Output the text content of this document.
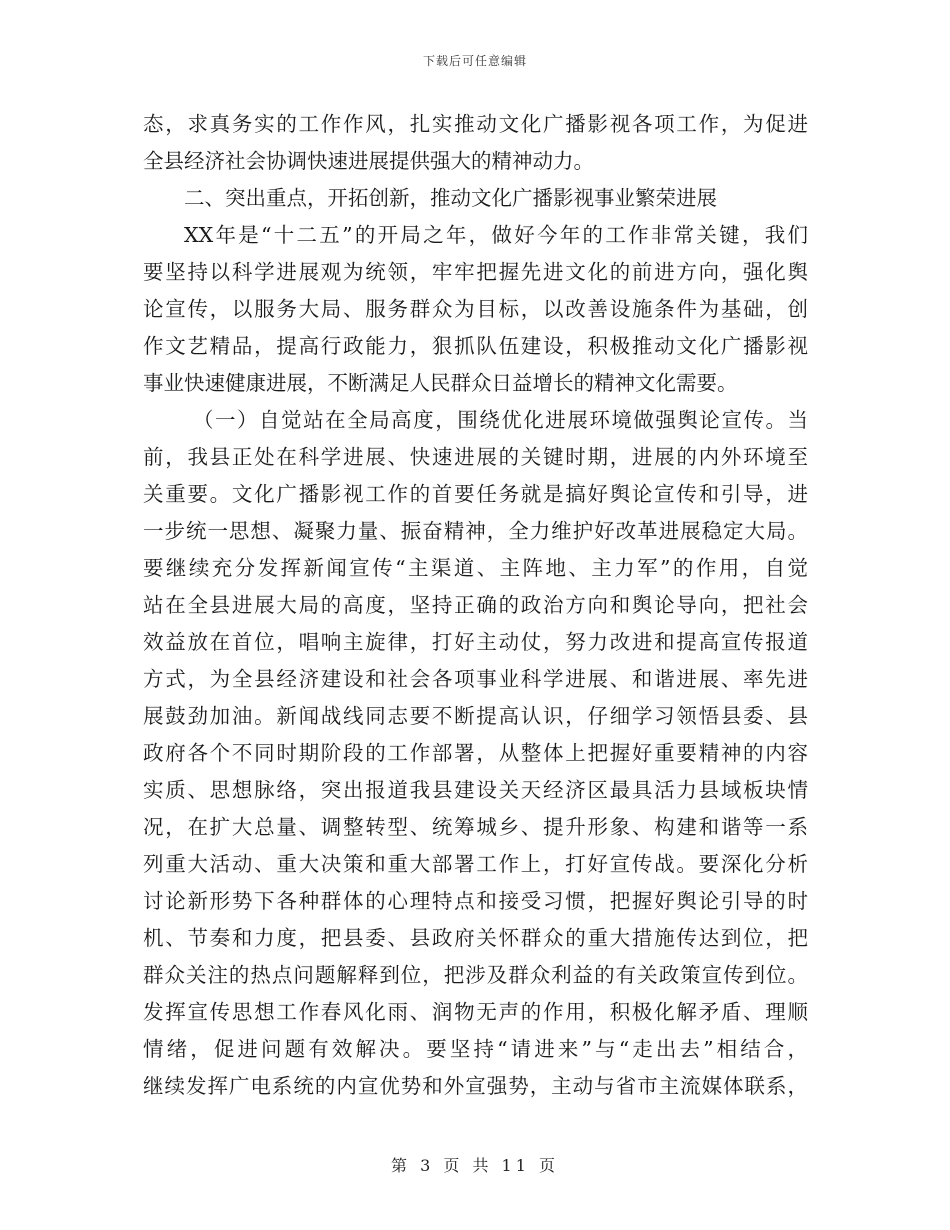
下载后可任意编辑
态，求真务实的工作作风，扎实推动文化广播影视各项工作，为促进
全县经济社会协调快速进展提供强大的精神动力。
二、突出重点，开拓创新，推动文化广播影视事业繁荣进展
XX年是“十二五”的开局之年，做好今年的工作非常关键，我们
要坚持以科学进展观为统领，牢牢把握先进文化的前进方向，强化舆
论宣传，以服务大局、服务群众为目标，以改善设施条件为基础，创
作文艺精品，提高行政能力，狠抓队伍建设，积极推动文化广播影视
事业快速健康进展，不断满足人民群众日益增长的精神文化需要。
（一）自觉站在全局高度，围绕优化进展环境做强舆论宣传。当
前，我县正处在科学进展、快速进展的关键时期，进展的内外环境至
关重要。文化广播影视工作的首要任务就是搞好舆论宣传和引导，进
一步统一思想、凝聚力量、振奋精神，全力维护好改革进展稳定大局。
要继续充分发挥新闻宣传“主渠道、主阵地、主力军”的作用，自觉
站在全县进展大局的高度，坚持正确的政治方向和舆论导向，把社会
效益放在首位，唱响主旋律，打好主动仗，努力改进和提高宣传报道
方式，为全县经济建设和社会各项事业科学进展、和谐进展、率先进
展鼓劲加油。新闻战线同志要不断提高认识，仔细学习领悟县委、县
政府各个不同时期阶段的工作部署，从整体上把握好重要精神的内容
实质、思想脉络，突出报道我县建设关天经济区最具活力县域板块情
况，在扩大总量、调整转型、统筹城乡、提升形象、构建和谐等一系
列重大活动、重大决策和重大部署工作上，打好宣传战。要深化分析
讨论新形势下各种群体的心理特点和接受习惯，把握好舆论引导的时
机、节奏和力度，把县委、县政府关怀群众的重大措施传达到位，把
群众关注的热点问题解释到位，把涉及群众利益的有关政策宣传到位。
发挥宣传思想工作春风化雨、润物无声的作用，积极化解矛盾、理顺
情绪，促进问题有效解决。要坚持“请进来”与“走出去”相结合，
继续发挥广电系统的内宣优势和外宣强势，主动与省市主流媒体联系，
第 3 页 共 11 页
